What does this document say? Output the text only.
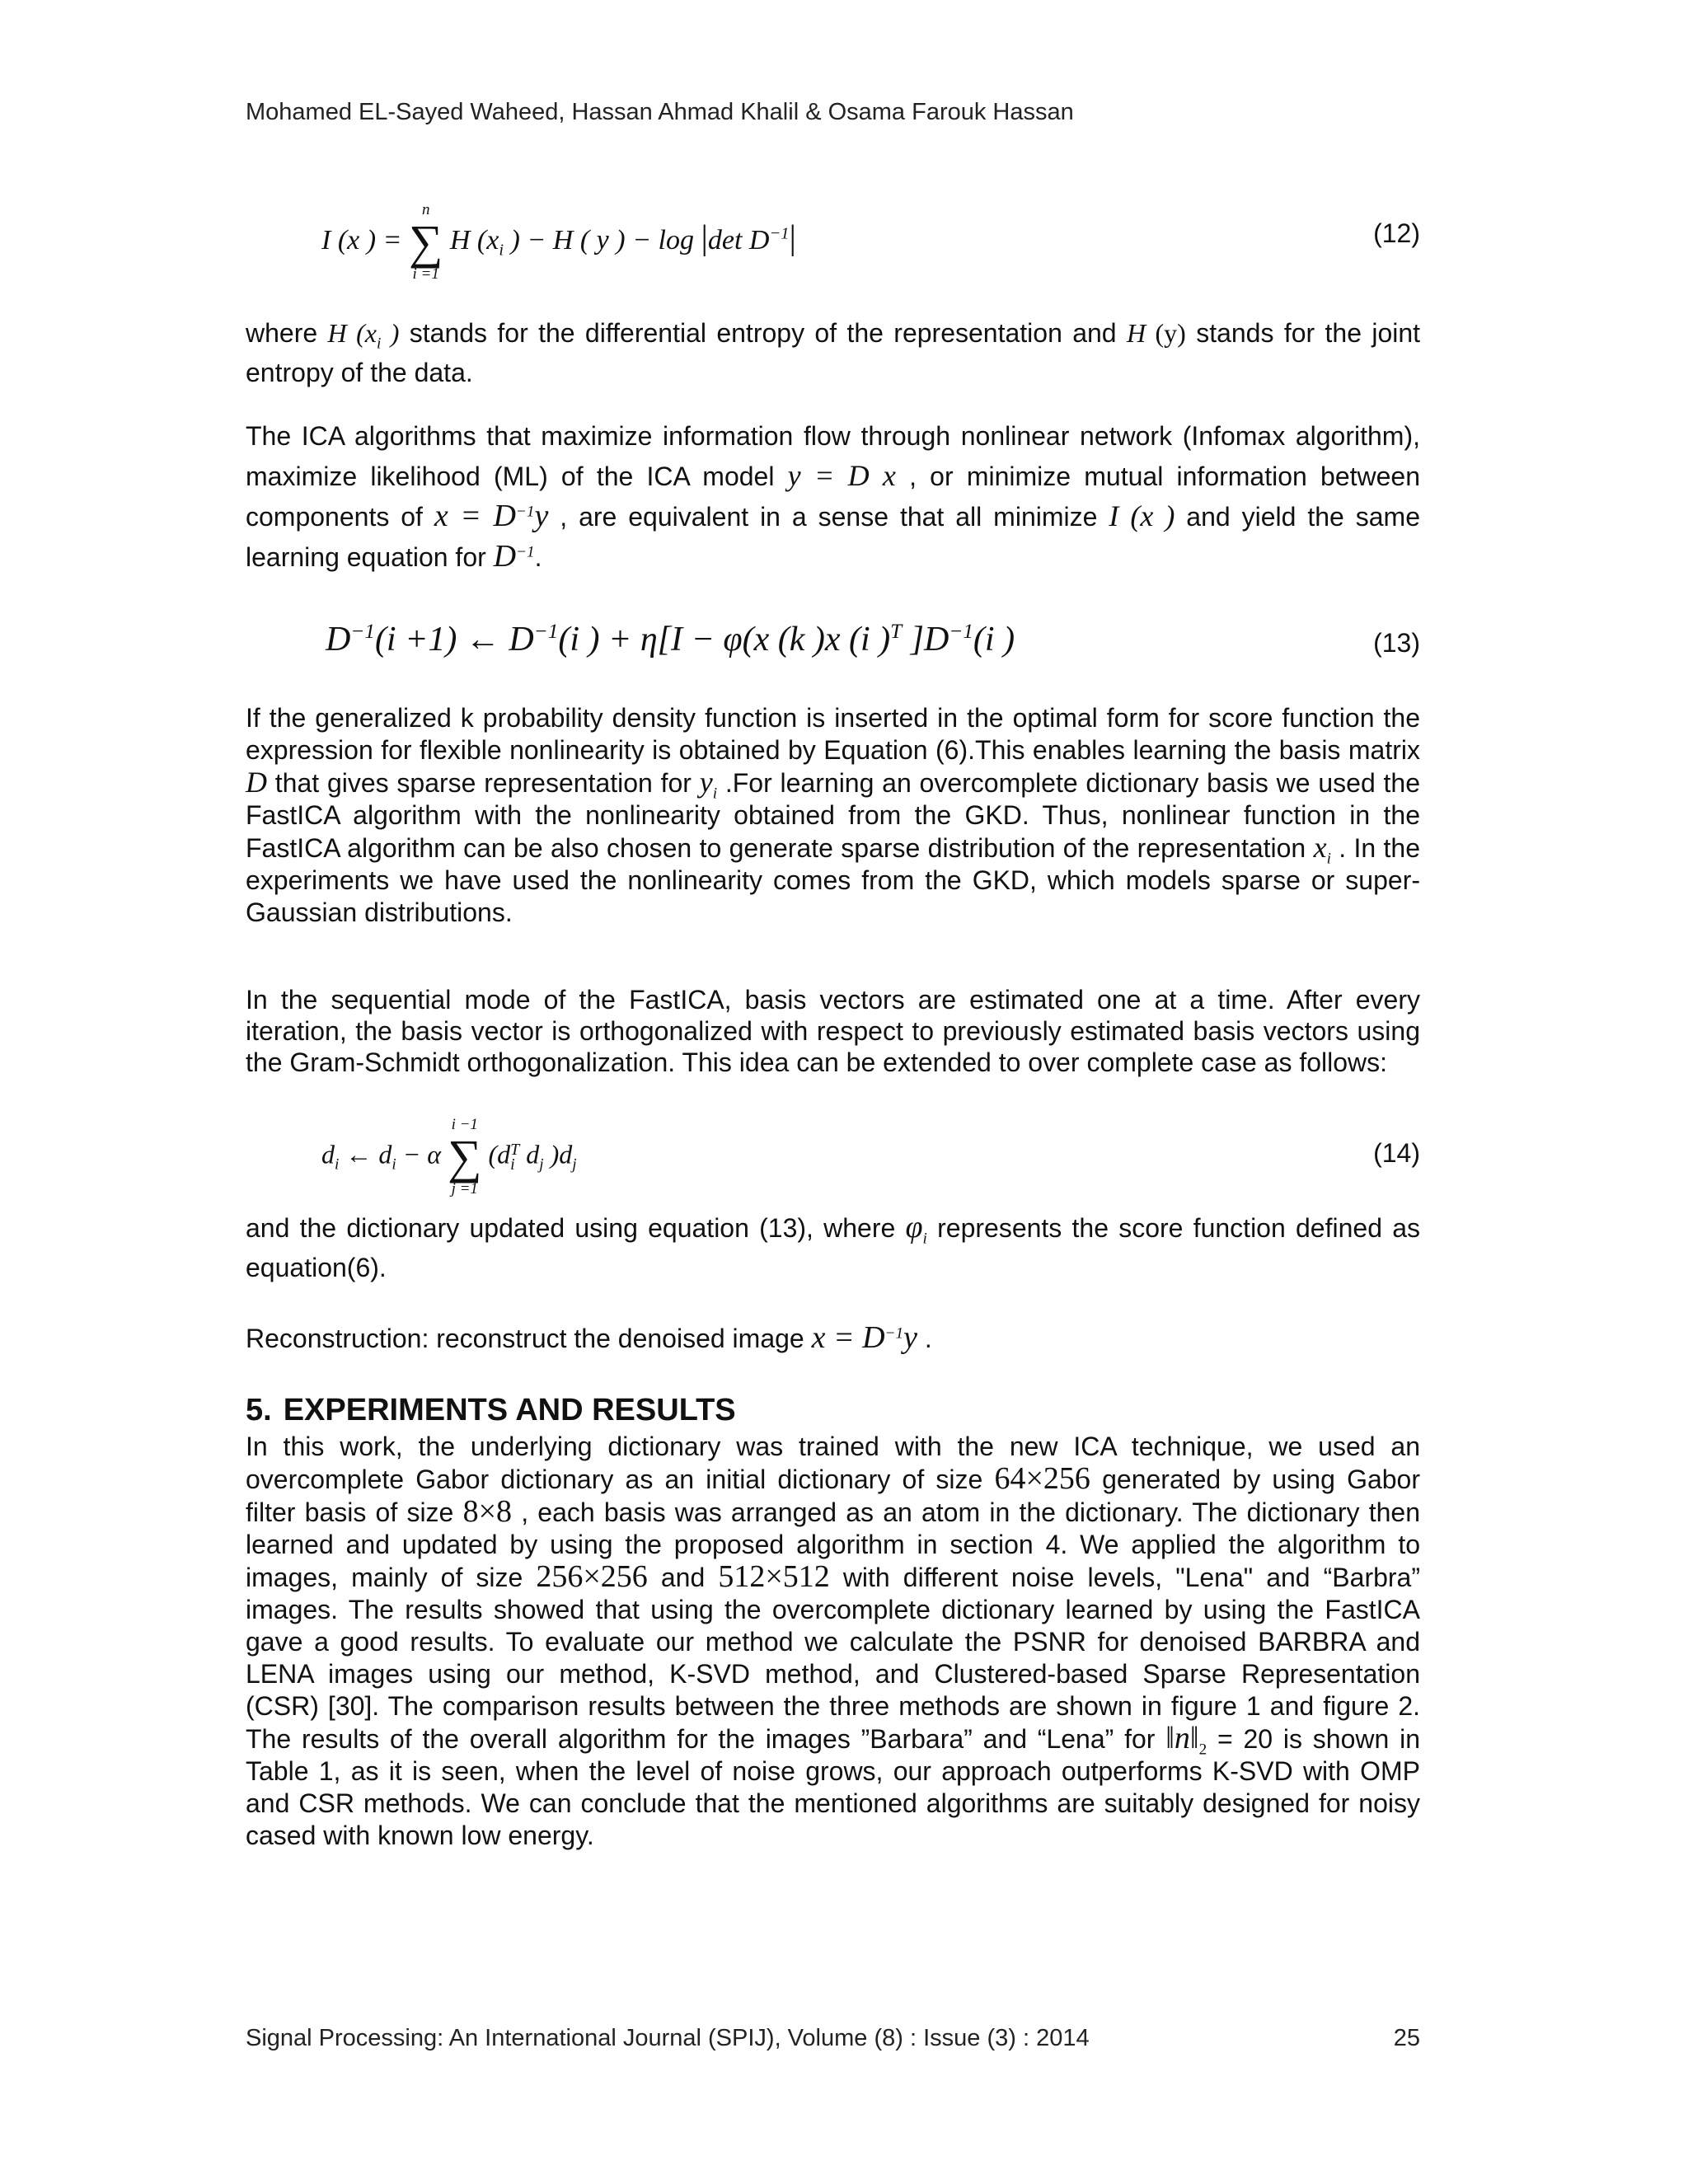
Mohamed EL-Sayed Waheed, Hassan Ahmad Khalil & Osama Farouk Hassan
I (x ) =
n
∑
i =1
H ($x_i$ ) − H ( y ) − log |det $D^{-1}|$	(12)
where H ($x_i$ ) stands for the differential entropy of the representation and H (y) stands for the joint entropy of the data.
The ICA algorithms that maximize information flow through nonlinear network (Infomax algorithm), maximize likelihood (ML) of the ICA model y = D x , or minimize mutual information between components of $x = D^{-1}y$ , are equivalent in a sense that all minimize I (x ) and yield the same learning equation for $D^{-1}$.
$D^{-1}(i +1)$ ← $D^{-1}(i$ ) + η[I − φ(x (k )x (i )$^T$ ]$D^{-1}(i$ )	(13)
If the generalized k probability density function is inserted in the optimal form for score function the expression for flexible nonlinearity is obtained by Equation (6).This enables learning the basis matrix D that gives sparse representation for $y_i$ .For learning an overcomplete dictionary basis we used the FastICA algorithm with the nonlinearity obtained from the GKD. Thus, nonlinear function in the FastICA algorithm can be also chosen to generate sparse distribution of the representation $x_i$ . In the experiments we have used the nonlinearity comes from the GKD, which models sparse or super-Gaussian distributions.
In the sequential mode of the FastICA, basis vectors are estimated one at a time. After every iteration, the basis vector is orthogonalized with respect to previously estimated basis vectors using the Gram-Schmidt orthogonalization. This idea can be extended to over complete case as follows:
$d_i$ ← $d_i - \alpha$
i −1
∑
j =1
(d T
i $d_j$ )$d_j$	(14)
and the dictionary updated using equation (13), where $\varphi_i$ represents the score function defined as equation(6).
Reconstruction: reconstruct the denoised image $x = D^{-1}y$ .
5. EXPERIMENTS AND RESULTS
In this work, the underlying dictionary was trained with the new ICA technique, we used an overcomplete Gabor dictionary as an initial dictionary of size 64×256 generated by using Gabor filter basis of size 8×8 , each basis was arranged as an atom in the dictionary. The dictionary then learned and updated by using the proposed algorithm in section 4. We applied the algorithm to images, mainly of size 256×256 and 512×512 with different noise levels, "Lena" and “Barbra” images. The results showed that using the overcomplete dictionary learned by using the FastICA gave a good results. To evaluate our method we calculate the PSNR for denoised BARBRA and LENA images using our method, K-SVD method, and Clustered-based Sparse Representation (CSR) [30]. The comparison results between the three methods are shown in figure 1 and figure 2. The results of the overall algorithm for the images ”Barbara” and “Lena” for $‖n‖_2 = 20$ is shown in Table 1, as it is seen, when the level of noise grows, our approach outperforms K-SVD with OMP and CSR methods. We can conclude that the mentioned algorithms are suitably designed for noisy cased with known low energy.
Signal Processing: An International Journal (SPIJ), Volume (8) : Issue (3) : 2014	25
